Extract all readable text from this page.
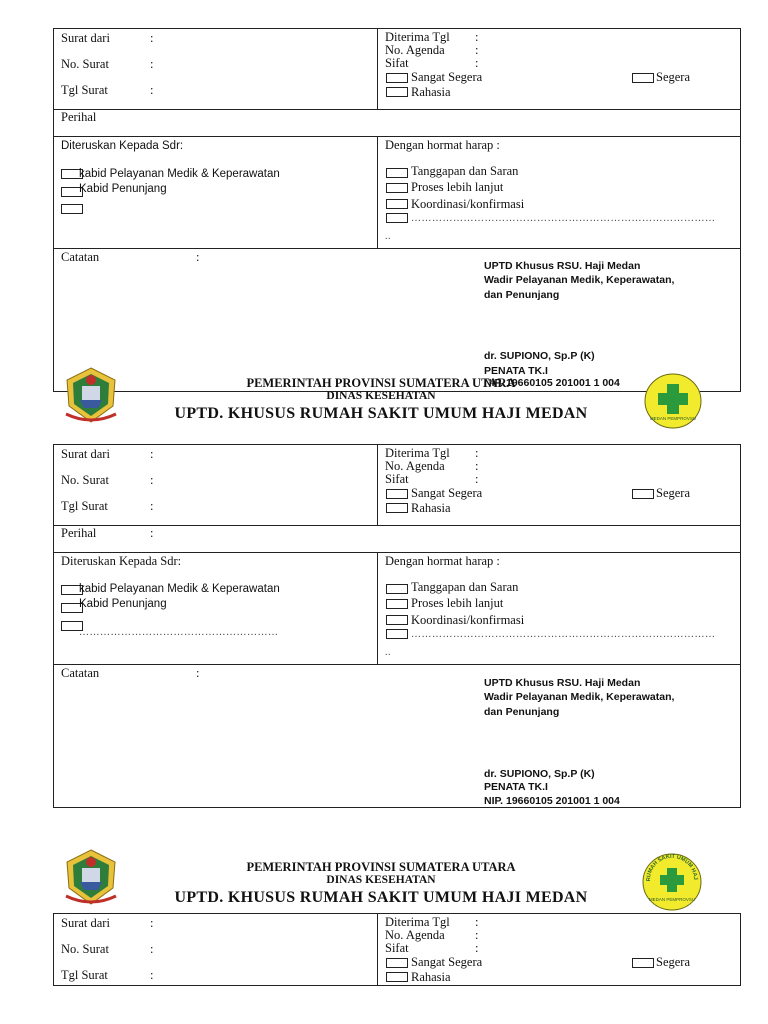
Surat dari	:
No. Surat	:
Tgl Surat	:
Diterima Tgl :
No. Agenda :
Sifat	:
Sangat Segera	Segera
Rahasia
Perihal
Diteruskan Kepada Sdr:
kabid Pelayanan Medik & Keperawatan
Kabid Penunjang
Dengan hormat harap :
Tanggapan dan Saran
Proses lebih lanjut
Koordinasi/konfirmasi
……………………………………………………………………………
..
Catatan	:
UPTD Khusus RSU. Haji Medan
Wadir Pelayanan Medik, Keperawatan,
dan Penunjang
dr. SUPIONO, Sp.P (K)
PENATA TK.I
NIP. 19660105 201001 1 004
PEMERINTAH PROVINSI SUMATERA UTARA
DINAS KESEHATAN
UPTD. KHUSUS RUMAH SAKIT UMUM HAJI MEDAN	MEDAN PEMPROVSU
Surat dari	:
No. Surat	:
Tgl Surat	:
Diterima Tgl :
No. Agenda :
Sifat	:
Sangat Segera	Segera
Rahasia
Perihal	:
Diteruskan Kepada Sdr:
kabid Pelayanan Medik & Keperawatan
Kabid Penunjang
…………………………………………………
Dengan hormat harap :
Tanggapan dan Saran
Proses lebih lanjut
Koordinasi/konfirmasi
……………………………………………………………………………
..
Catatan	:
UPTD Khusus RSU. Haji Medan
Wadir Pelayanan Medik, Keperawatan,
dan Penunjang
dr. SUPIONO, Sp.P (K)
PENATA TK.I
NIP. 19660105 201001 1 004
PEMERINTAH PROVINSI SUMATERA UTARA
DINAS KESEHATAN
UPTD. KHUSUS RUMAH SAKIT UMUM HAJI MEDAN
RUMAH SAKIT UMUM HAJ
MEDAN PEMPROVSU
Surat dari	:
No. Surat	:
Tgl Surat	:
Diterima Tgl :
No. Agenda :
Sifat	:
Sangat Segera	Segera
Rahasia
